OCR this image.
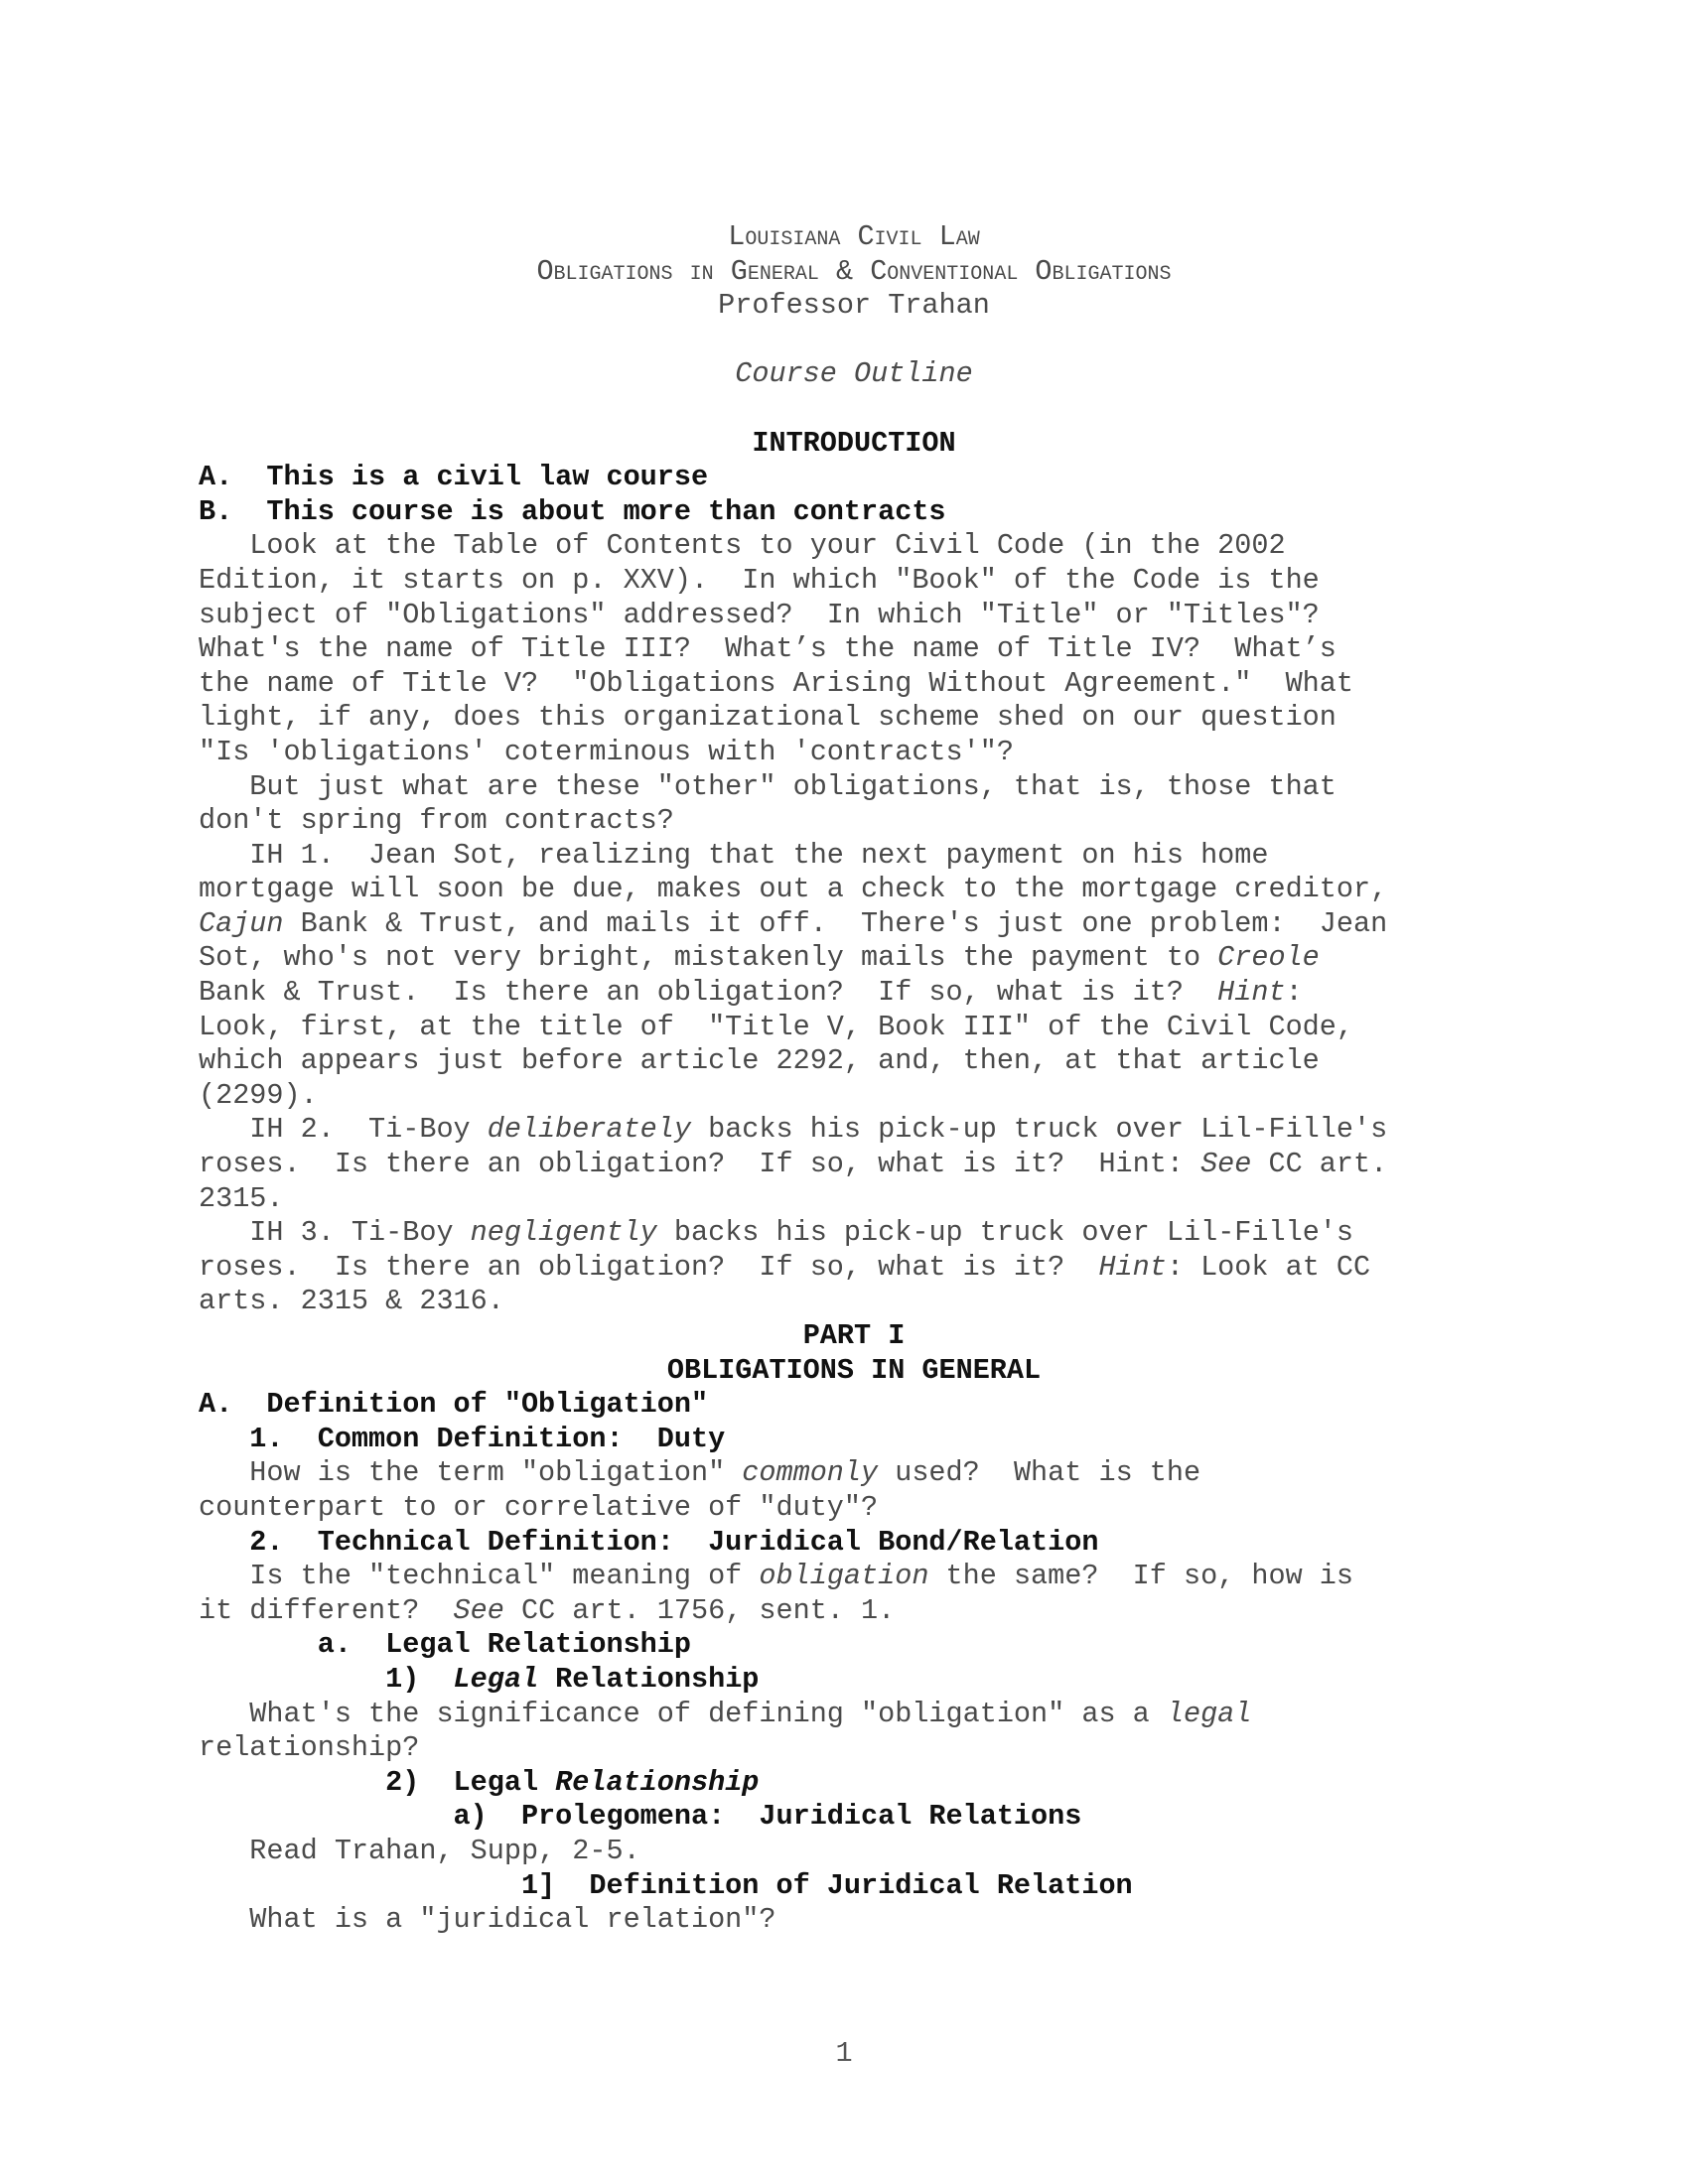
Louisiana Civil Law
Obligations in General & Conventional Obligations
Professor Trahan
Course Outline
INTRODUCTION
A.  This is a civil law course
B.  This course is about more than contracts
Look at the Table of Contents to your Civil Code (in the 2002
Edition, it starts on p. XXV).  In which "Book" of the Code is the
subject of "Obligations" addressed?  In which "Title" or "Titles"?
What's the name of Title III?  What’s the name of Title IV?  What’s
the name of Title V?  "Obligations Arising Without Agreement."  What
light, if any, does this organizational scheme shed on our question
"Is 'obligations' coterminous with 'contracts'"?
But just what are these "other" obligations, that is, those that
don't spring from contracts?
IH 1.  Jean Sot, realizing that the next payment on his home
mortgage will soon be due, makes out a check to the mortgage creditor,
Cajun Bank & Trust, and mails it off.  There's just one problem:  Jean
Sot, who's not very bright, mistakenly mails the payment to Creole
Bank & Trust.  Is there an obligation?  If so, what is it?  Hint:
Look, first, at the title of  "Title V, Book III" of the Civil Code,
which appears just before article 2292, and, then, at that article
(2299).
IH 2.  Ti-Boy deliberately backs his pick-up truck over Lil-Fille's
roses.  Is there an obligation?  If so, what is it?  Hint: See CC art.
2315.
IH 3. Ti-Boy negligently backs his pick-up truck over Lil-Fille's
roses.  Is there an obligation?  If so, what is it?  Hint: Look at CC
arts. 2315 & 2316.
PART I
OBLIGATIONS IN GENERAL
A.  Definition of "Obligation"
1.  Common Definition:  Duty
How is the term "obligation" commonly used?  What is the
counterpart to or correlative of "duty"?
2.  Technical Definition:  Juridical Bond/Relation
Is the "technical" meaning of obligation the same?  If so, how is
it different?  See CC art. 1756, sent. 1.
a.  Legal Relationship
1)  Legal Relationship
What's the significance of defining "obligation" as a legal
relationship?
2)  Legal Relationship
a)  Prolegomena:  Juridical Relations
Read Trahan, Supp, 2-5.
1]  Definition of Juridical Relation
What is a "juridical relation"?
1
